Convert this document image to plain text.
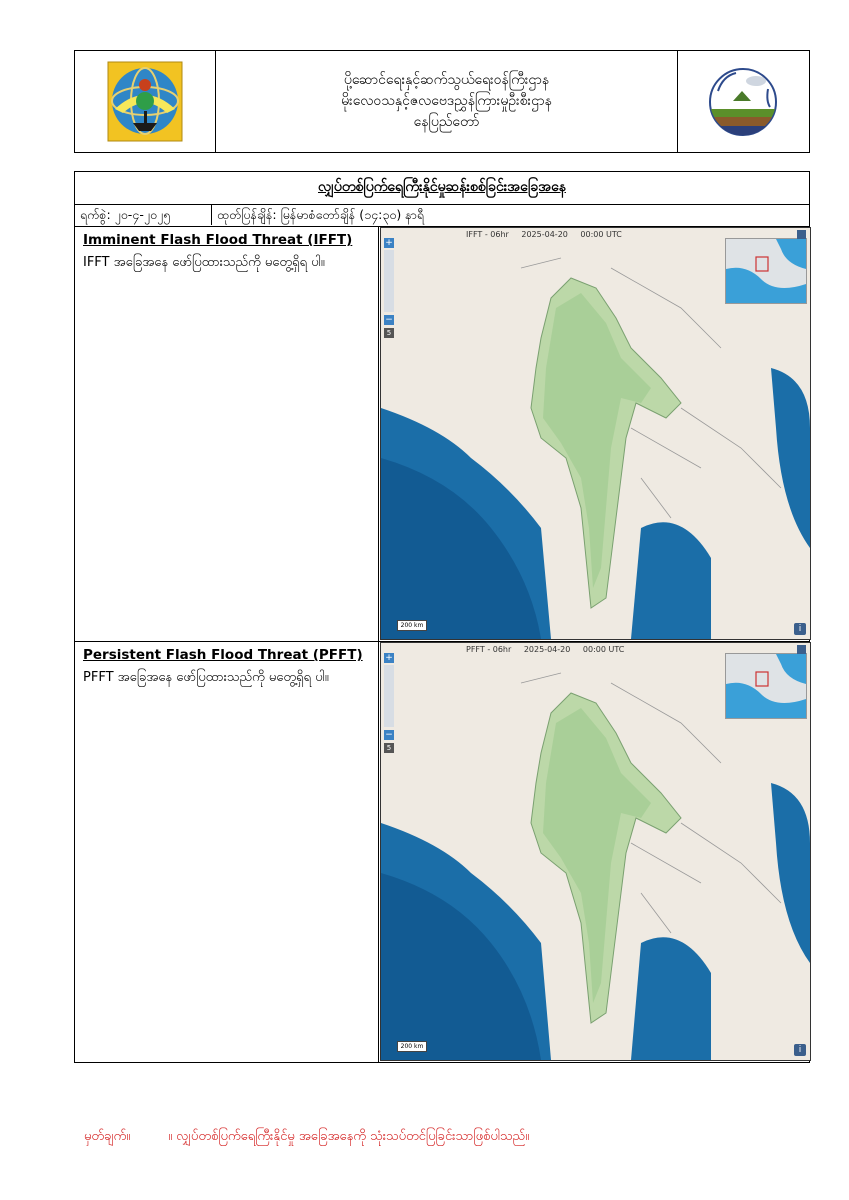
ပို့ဆောင်ရေးနှင့်ဆက်သွယ်ရေးဝန်ကြီးဌာန
မိုးလေဝသနှင့်ဇလဗေဒညွှန်ကြားမှုဦးစီးဌာန
နေပြည်တော်
လျှပ်တစ်ပြက်ရေကြီးနိုင်မှုဆန်းစစ်ခြင်းအခြေအနေ
ရက်စွဲ: ၂၀-၄-၂၀၂၅	ထုတ်ပြန်ချိန်: မြန်မာစံတော်ချိန် (၁၄:၃၀) နာရီ
Imminent Flash Flood Threat (IFFT)
IFFT အခြေအနေ ဖော်ပြထားသည်ကို မတွေ့ရှိရ ပါ။
IFFT - 06hr 2025-04-20 00:00 UTC
+
−
5
200 km	i
Persistent Flash Flood Threat (PFFT)
PFFT အခြေအနေ ဖော်ပြထားသည်ကို မတွေ့ရှိရ ပါ။
PFFT - 06hr 2025-04-20 00:00 UTC
+
−
5
200 km	i
မှတ်ချက်။	။ လျှပ်တစ်ပြက်ရေကြီးနိုင်မှု အခြေအနေကို သုံးသပ်တင်ပြခြင်းသာဖြစ်ပါသည်။
